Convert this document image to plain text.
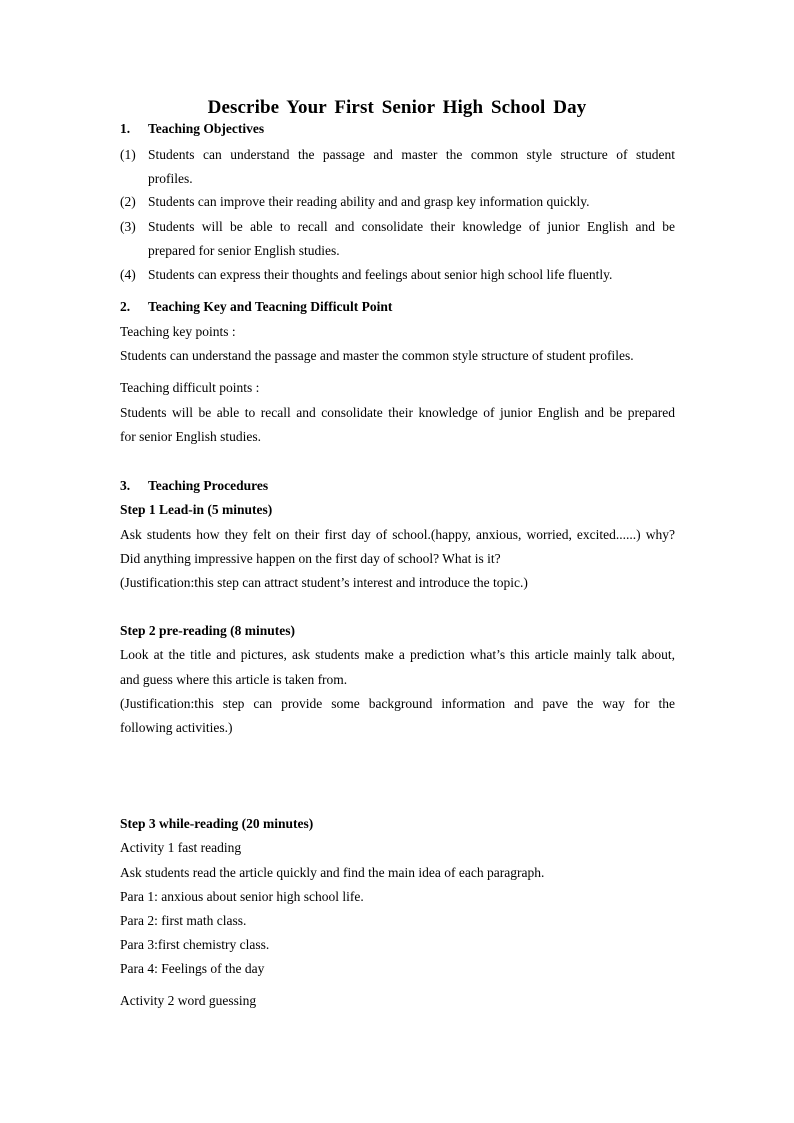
Describe Your First Senior High School Day
1. Teaching Objectives
(1) Students can understand the passage and master the common style structure of student
profiles.
(2) Students can improve their reading ability and and grasp key information quickly.
(3) Students will be able to recall and consolidate their knowledge of junior English and be
prepared for senior English studies.
(4) Students can express their thoughts and feelings about senior high school life fluently.
2. Teaching Key and Teacning Difficult Point
Teaching key points :
Students can understand the passage and master the common style structure of student profiles.
Teaching difficult points :
Students will be able to recall and consolidate their knowledge of junior English and be prepared
for senior English studies.
3. Teaching Procedures
Step 1 Lead-in (5 minutes)
Ask students how they felt on their first day of school.(happy, anxious, worried, excited......) why?
Did anything impressive happen on the first day of school? What is it?
(Justification:this step can attract student’s interest and introduce the topic.)
Step 2 pre-reading (8 minutes)
Look at the title and pictures, ask students make a prediction what’s this article mainly talk about,
and guess where this article is taken from.
(Justification:this step can provide some background information and pave the way for the
following activities.)
Step 3 while-reading (20 minutes)
Activity 1 fast reading
Ask students read the article quickly and find the main idea of each paragraph.
Para 1: anxious about senior high school life.
Para 2: first math class.
Para 3:first chemistry class.
Para 4: Feelings of the day
Activity 2 word guessing
